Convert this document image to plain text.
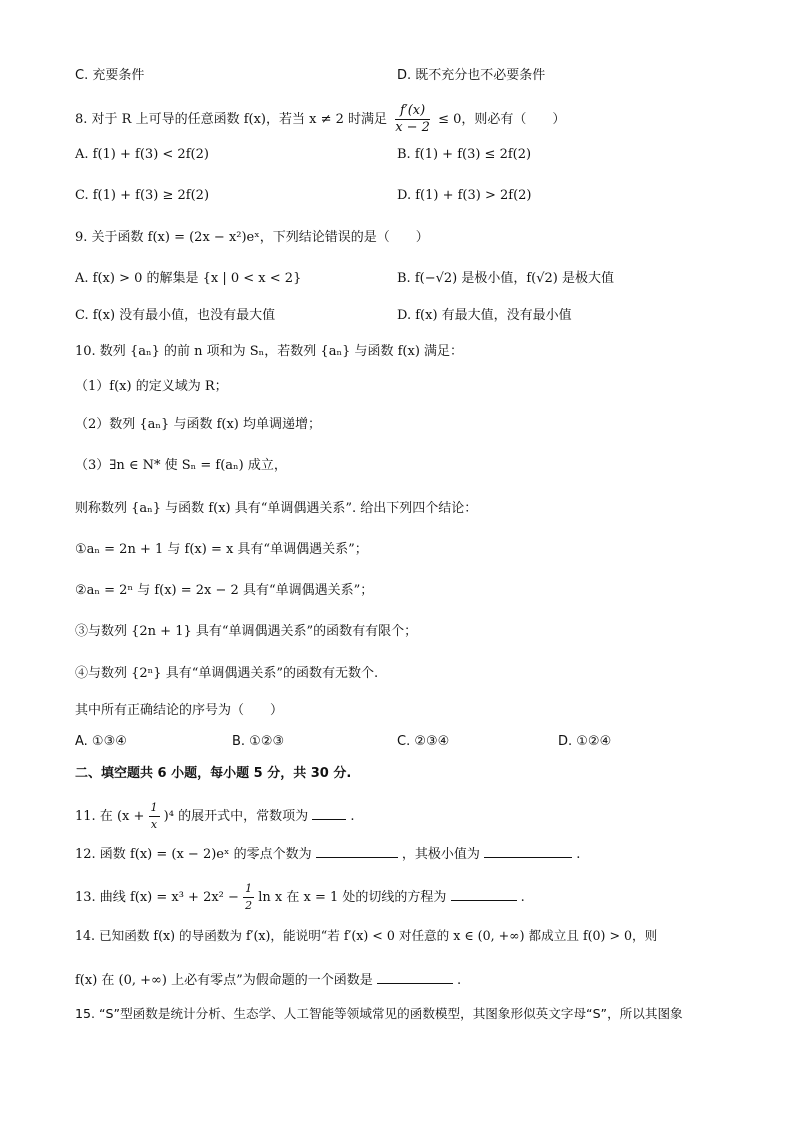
C. 充要条件	D. 既不充分也不必要条件
8. 对于 R 上可导的任意函数 f(x)，若当 x ≠ 2 时满足 $\frac{f'(x)}{x - 2} \le 0$，则必有（　　）
A. f(1) + f(3) < 2f(2)	B. f(1) + f(3) ≤ 2f(2)
C. f(1) + f(3) ≥ 2f(2)	D. f(1) + f(3) > 2f(2)
9. 关于函数 f(x) = (2x − x²)eˣ，下列结论错误的是（　　）
A. f(x) > 0 的解集是 {x | 0 < x < 2}	B. f(−√2) 是极小值，f(√2) 是极大值
C. f(x) 没有最小值，也没有最大值	D. f(x) 有最大值，没有最小值
10. 数列 {aₙ} 的前 n 项和为 Sₙ，若数列 {aₙ} 与函数 f(x) 满足：
（1）f(x) 的定义域为 R；
（2）数列 {aₙ} 与函数 f(x) 均单调递增；
（3）∃n ∈ N* 使 Sₙ = f(aₙ) 成立，
则称数列 {aₙ} 与函数 f(x) 具有“单调偶遇关系”. 给出下列四个结论：
①aₙ = 2n + 1 与 f(x) = x 具有“单调偶遇关系”；
②aₙ = 2ⁿ 与 f(x) = 2x − 2 具有“单调偶遇关系”；
③与数列 {2n + 1} 具有“单调偶遇关系”的函数有有限个；
④与数列 {2ⁿ} 具有“单调偶遇关系”的函数有无数个.
其中所有正确结论的序号为（　　）
A. ①③④	B. ①②③	C. ②③④	D. ①②④
二、填空题共 6 小题，每小题 5 分，共 30 分.
11. 在 $(x + \frac{1}{x} )^4$ 的展开式中，常数项为	.
12. 函数 f(x) = (x − 2)eˣ 的零点个数为	，其极小值为	.
13. 曲线 $f(x) = x^3 + 2x^2 - \frac{1}{2}$ ln x 在 x = 1 处的切线的方程为	.
14. 已知函数 f(x) 的导函数为 f′(x)，能说明“若 f′(x) < 0 对任意的 x ∈ (0, +∞) 都成立且 f(0) > 0，则
f(x) 在 (0, +∞) 上必有零点”为假命题的一个函数是	.
15. “S”型函数是统计分析、生态学、人工智能等领域常见的函数模型，其图象形似英文字母“S”，所以其图象
